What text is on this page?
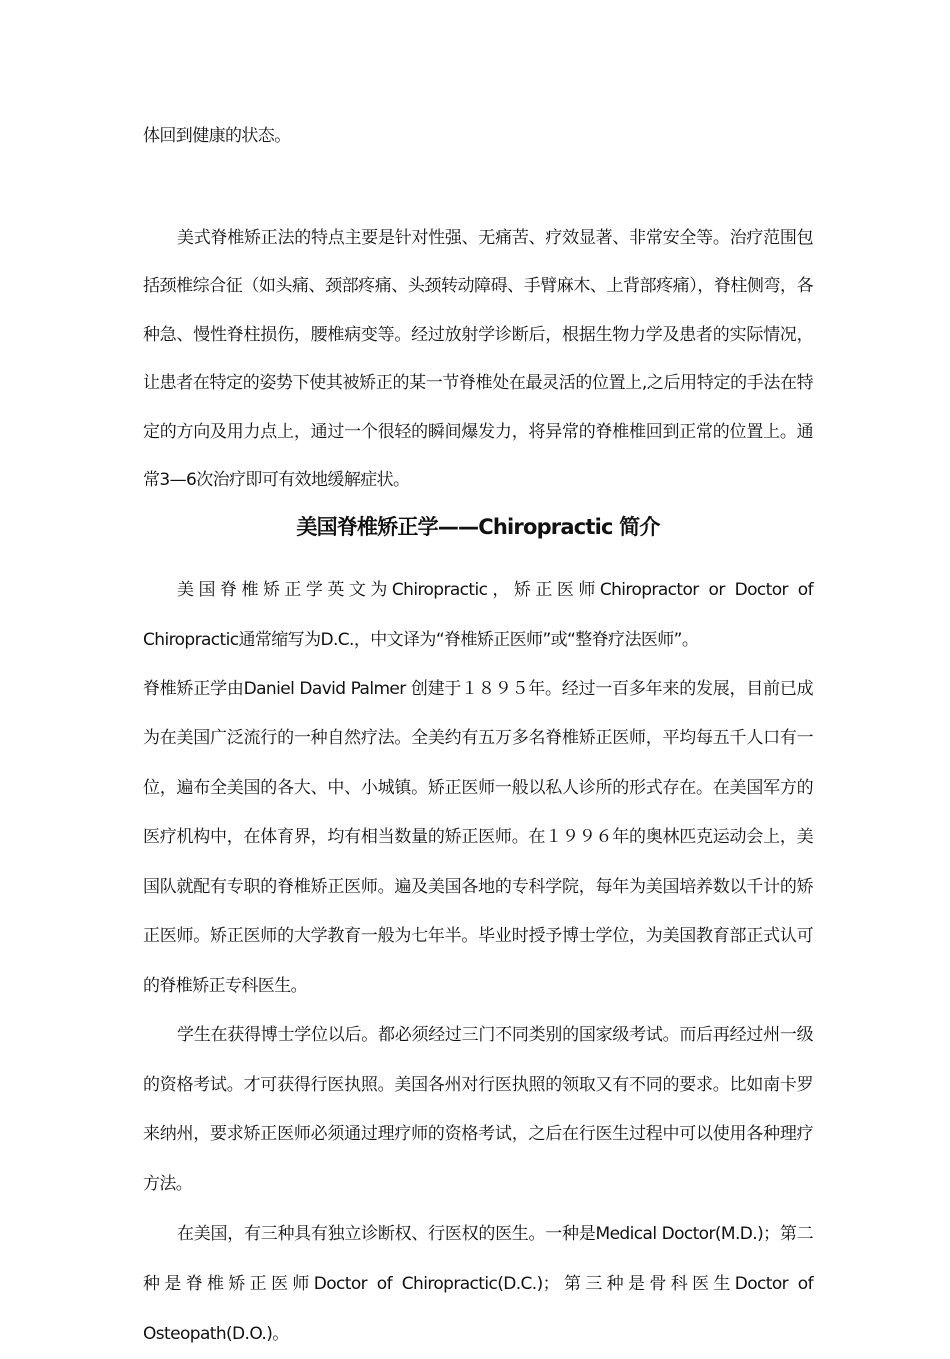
体回到健康的状态。

美式脊椎矫正法的特点主要是针对性强、无痛苦、疗效显著、非常安全等。治疗范围包括颈椎综合征（如头痛、颈部疼痛、头颈转动障碍、手臂麻木、上背部疼痛），脊柱侧弯，各种急、慢性脊柱损伤，腰椎病变等。经过放射学诊断后，根据生物力学及患者的实际情况，让患者在特定的姿势下使其被矫正的某一节脊椎处在最灵活的位置上,之后用特定的手法在特定的方向及用力点上，通过一个很轻的瞬间爆发力，将异常的脊椎椎回到正常的位置上。通常3—6次治疗即可有效地缓解症状。

美国脊椎矫正学——Chiropractic 简介

美国脊椎矫正学英文为Chiropractic，矫正医师Chiropractor or Doctor of Chiropractic通常缩写为D.C.，中文译为“脊椎矫正医师”或“整脊疗法医师”。

脊椎矫正学由Daniel David Palmer 创建于１８９５年。经过一百多年来的发展，目前已成为在美国广泛流行的一种自然疗法。全美约有五万多名脊椎矫正医师，平均每五千人口有一位，遍布全美国的各大、中、小城镇。矫正医师一般以私人诊所的形式存在。在美国军方的医疗机构中，在体育界，均有相当数量的矫正医师。在１９９６年的奥林匹克运动会上，美国队就配有专职的脊椎矫正医师。遍及美国各地的专科学院，每年为美国培养数以千计的矫正医师。矫正医师的大学教育一般为七年半。毕业时授予博士学位，为美国教育部正式认可的脊椎矫正专科医生。

学生在获得博士学位以后。都必须经过三门不同类别的国家级考试。而后再经过州一级的资格考试。才可获得行医执照。美国各州对行医执照的领取又有不同的要求。比如南卡罗来纳州，要求矫正医师必须通过理疗师的资格考试，之后在行医生过程中可以使用各种理疗方法。

在美国，有三种具有独立诊断权、行医权的医生。一种是Medical Doctor(M.D.)；第二种是脊椎矫正医师Doctor of Chiropractic(D.C.)；第三种是骨科医生Doctor of Osteopath(D.O.)。
